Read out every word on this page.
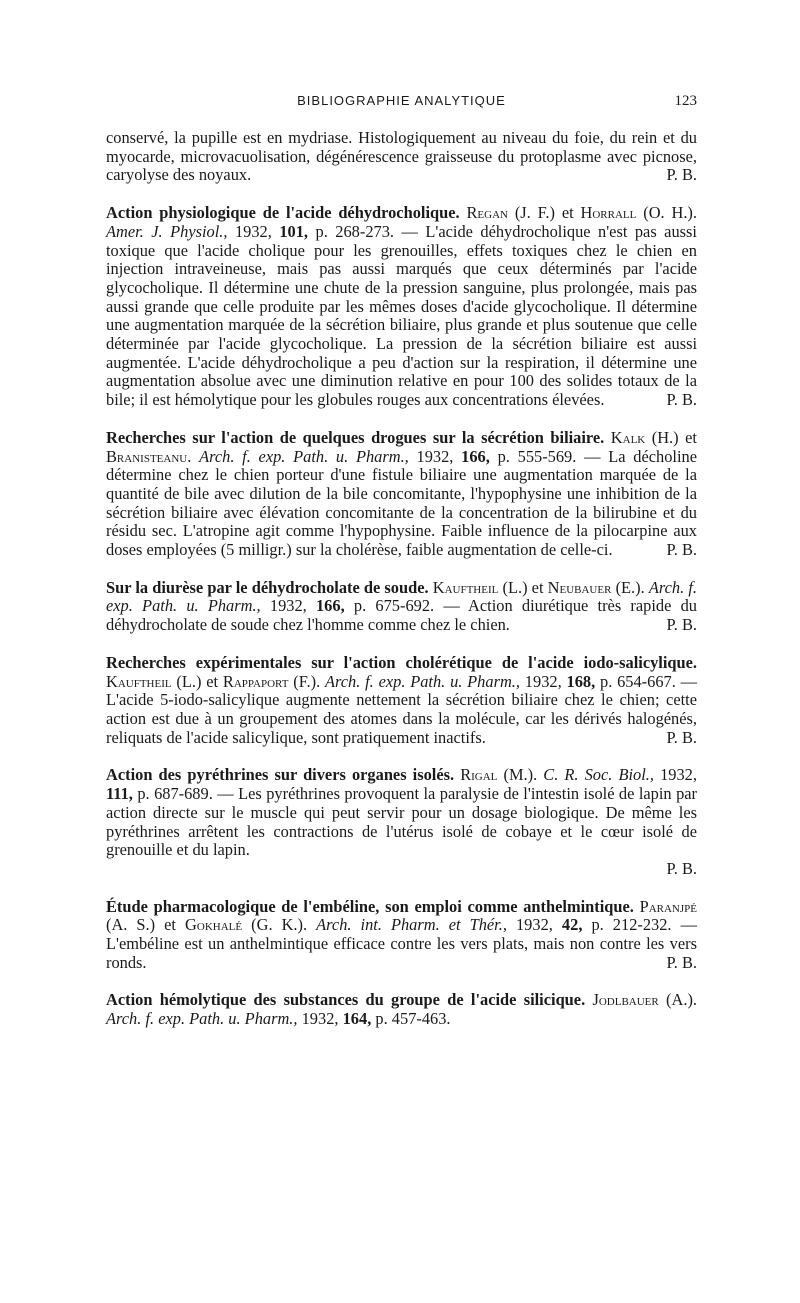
BIBLIOGRAPHIE ANALYTIQUE	123

conservé, la pupille est en mydriase. Histologiquement au niveau du foie, du rein et du myocarde, microvacuolisation, dégénérescence graisseuse du protoplasme avec picnose, caryolyse des noyaux.	P. B.

Action physiologique de l'acide déhydrocholique. Regan (J. F.) et Horrall (O. H.). Amer. J. Physiol., 1932, 101, p. 268-273. — L'acide déhydrocholique n'est pas aussi toxique que l'acide cholique pour les grenouilles, effets toxiques chez le chien en injection intraveineuse, mais pas aussi marqués que ceux déterminés par l'acide glycocholique. Il détermine une chute de la pression sanguine, plus prolongée, mais pas aussi grande que celle produite par les mêmes doses d'acide glycocholique. Il détermine une augmentation marquée de la sécrétion biliaire, plus grande et plus soutenue que celle déterminée par l'acide glycocholique. La pression de la sécrétion biliaire est aussi augmentée. L'acide déhydrocholique a peu d'action sur la respiration, il détermine une augmentation absolue avec une diminution relative en pour 100 des solides totaux de la bile; il est hémolytique pour les globules rouges aux concentrations élevées.	P. B.

Recherches sur l'action de quelques drogues sur la sécrétion biliaire. Kalk (H.) et Branisteanu. Arch. f. exp. Path. u. Pharm., 1932, 166, p. 555-569. — La décholine détermine chez le chien porteur d'une fistule biliaire une augmentation marquée de la quantité de bile avec dilution de la bile concomitante, l'hypophysine une inhibition de la sécrétion biliaire avec élévation concomitante de la concentration de la bilirubine et du résidu sec. L'atropine agit comme l'hypophysine. Faible influence de la pilocarpine aux doses employées (5 milligr.) sur la cholérèse, faible augmentation de celle-ci.	P. B.

Sur la diurèse par le déhydrocholate de soude. Kauftheil (L.) et Neubauer (E.). Arch. f. exp. Path. u. Pharm., 1932, 166, p. 675-692. — Action diurétique très rapide du déhydrocholate de soude chez l'homme comme chez le chien.	P. B.

Recherches expérimentales sur l'action cholérétique de l'acide iodo-salicylique. Kauftheil (L.) et Rappaport (F.). Arch. f. exp. Path. u. Pharm., 1932, 168, p. 654-667. — L'acide 5-iodo-salicylique augmente nettement la sécrétion biliaire chez le chien; cette action est due à un groupement des atomes dans la molécule, car les dérivés halogénés, reliquats de l'acide salicylique, sont pratiquement inactifs.	P. B.

Action des pyréthrines sur divers organes isolés. Rigal (M.). C. R. Soc. Biol., 1932, 111, p. 687-689. — Les pyréthrines provoquent la paralysie de l'intestin isolé de lapin par action directe sur le muscle qui peut servir pour un dosage biologique. De même les pyréthrines arrêtent les contractions de l'utérus isolé de cobaye et le cœur isolé de grenouille et du lapin.
P. B.

Étude pharmacologique de l'embéline, son emploi comme anthelmintique. Paranjpé (A. S.) et Gokhalé (G. K.). Arch. int. Pharm. et Thér., 1932, 42, p. 212-232. — L'embéline est un anthelmintique efficace contre les vers plats, mais non contre les vers ronds.	P. B.

Action hémolytique des substances du groupe de l'acide silicique. Jodlbauer (A.). Arch. f. exp. Path. u. Pharm., 1932, 164, p. 457-463.
